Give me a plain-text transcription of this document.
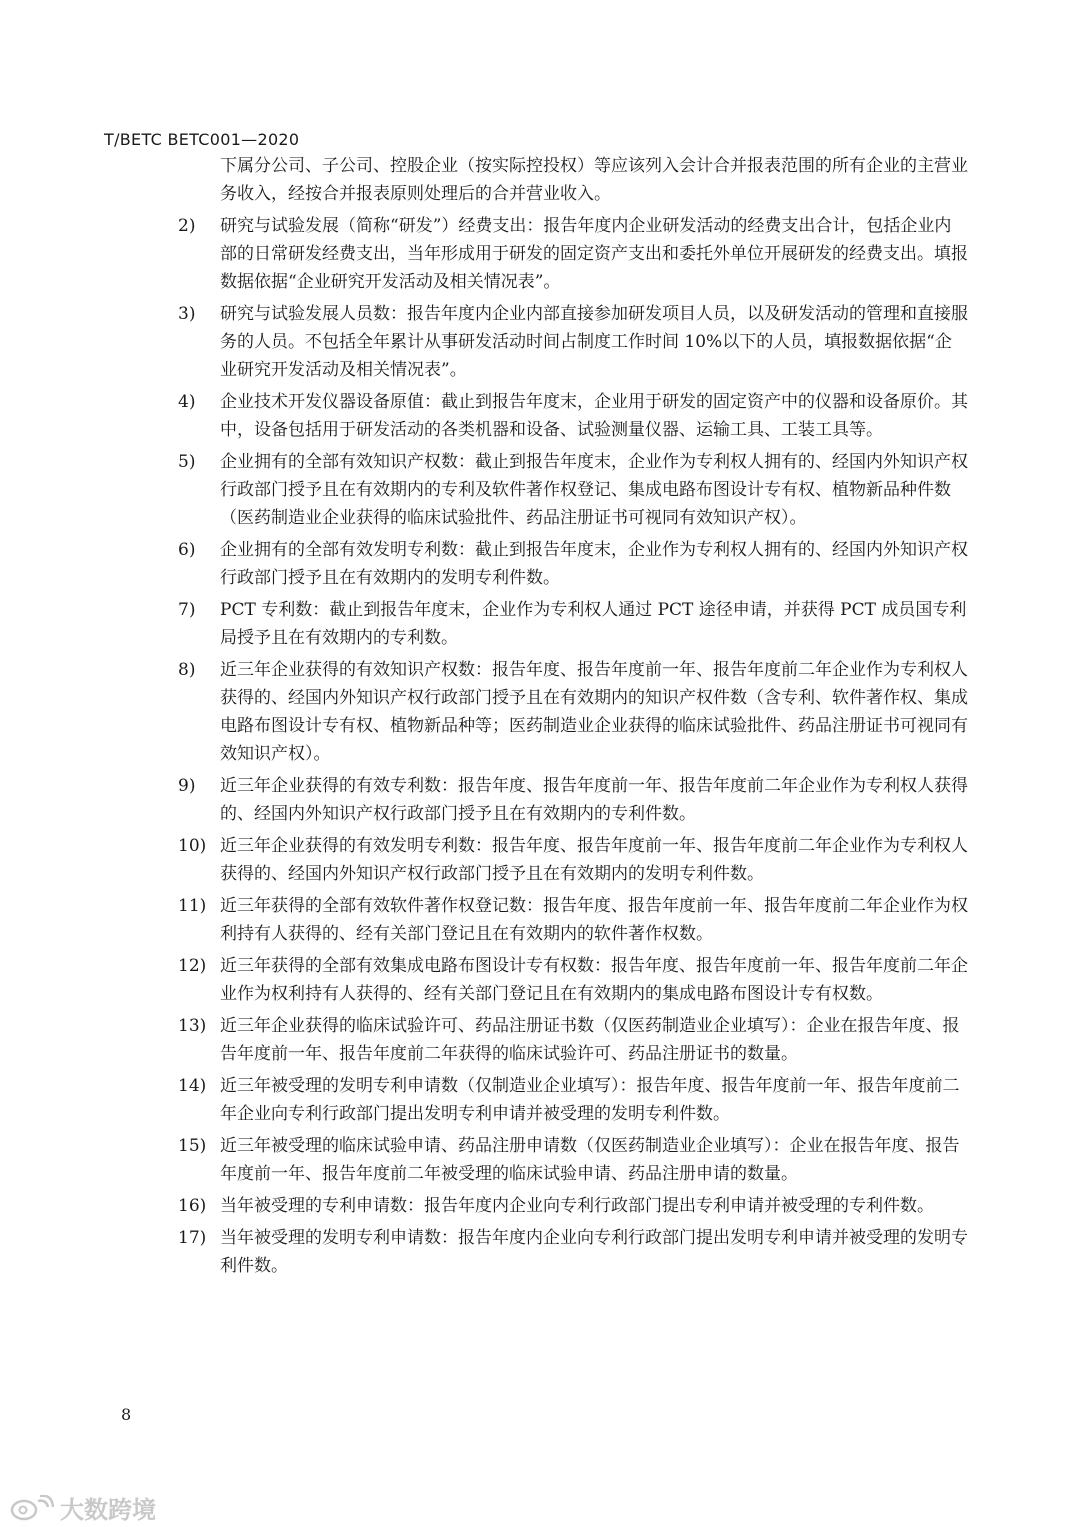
T/BETC BETC001—2020
下属分公司、子公司、控股企业（按实际控投权）等应该列入会计合并报表范围的所有企业的主营业务收入，经按合并报表原则处理后的合并营业收入。
2)	研究与试验发展（简称“研发”）经费支出：报告年度内企业研发活动的经费支出合计，包括企业内部的日常研发经费支出，当年形成用于研发的固定资产支出和委托外单位开展研发的经费支出。填报数据依据“企业研究开发活动及相关情况表”。
3)	研究与试验发展人员数：报告年度内企业内部直接参加研发项目人员，以及研发活动的管理和直接服务的人员。不包括全年累计从事研发活动时间占制度工作时间 10%以下的人员，填报数据依据“企业研究开发活动及相关情况表”。
4)	企业技术开发仪器设备原值：截止到报告年度末，企业用于研发的固定资产中的仪器和设备原价。其中，设备包括用于研发活动的各类机器和设备、试验测量仪器、运输工具、工装工具等。
5)	企业拥有的全部有效知识产权数：截止到报告年度末，企业作为专利权人拥有的、经国内外知识产权行政部门授予且在有效期内的专利及软件著作权登记、集成电路布图设计专有权、植物新品种件数（医药制造业企业获得的临床试验批件、药品注册证书可视同有效知识产权）。
6)	企业拥有的全部有效发明专利数：截止到报告年度末，企业作为专利权人拥有的、经国内外知识产权行政部门授予且在有效期内的发明专利件数。
7)	PCT 专利数：截止到报告年度末，企业作为专利权人通过 PCT 途径申请，并获得 PCT 成员国专利局授予且在有效期内的专利数。
8)	近三年企业获得的有效知识产权数：报告年度、报告年度前一年、报告年度前二年企业作为专利权人获得的、经国内外知识产权行政部门授予且在有效期内的知识产权件数（含专利、软件著作权、集成电路布图设计专有权、植物新品种等；医药制造业企业获得的临床试验批件、药品注册证书可视同有效知识产权）。
9)	近三年企业获得的有效专利数：报告年度、报告年度前一年、报告年度前二年企业作为专利权人获得的、经国内外知识产权行政部门授予且在有效期内的专利件数。
10) 近三年企业获得的有效发明专利数：报告年度、报告年度前一年、报告年度前二年企业作为专利权人获得的、经国内外知识产权行政部门授予且在有效期内的发明专利件数。
11) 近三年获得的全部有效软件著作权登记数：报告年度、报告年度前一年、报告年度前二年企业作为权利持有人获得的、经有关部门登记且在有效期内的软件著作权数。
12) 近三年获得的全部有效集成电路布图设计专有权数：报告年度、报告年度前一年、报告年度前二年企业作为权利持有人获得的、经有关部门登记且在有效期内的集成电路布图设计专有权数。
13) 近三年企业获得的临床试验许可、药品注册证书数（仅医药制造业企业填写）：企业在报告年度、报告年度前一年、报告年度前二年获得的临床试验许可、药品注册证书的数量。
14) 近三年被受理的发明专利申请数（仅制造业企业填写）：报告年度、报告年度前一年、报告年度前二年企业向专利行政部门提出发明专利申请并被受理的发明专利件数。
15) 近三年被受理的临床试验申请、药品注册申请数（仅医药制造业企业填写）：企业在报告年度、报告年度前一年、报告年度前二年被受理的临床试验申请、药品注册申请的数量。
16) 当年被受理的专利申请数：报告年度内企业向专利行政部门提出专利申请并被受理的专利件数。
17) 当年被受理的发明专利申请数：报告年度内企业向专利行政部门提出发明专利申请并被受理的发明专利件数。
8
大数跨境
